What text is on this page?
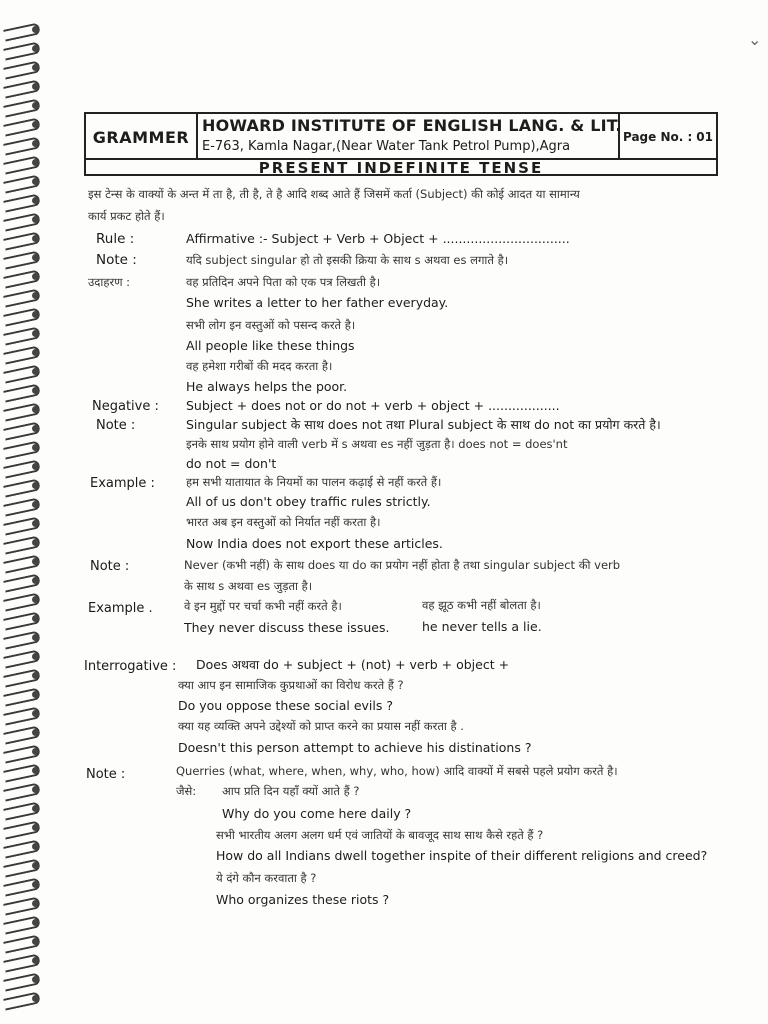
⌄
GRAMMER
HOWARD INSTITUTE OF ENGLISH LANG. & LIT.
E-763, Kamla Nagar,(Near Water Tank Petrol Pump),Agra
Page No. : 01
PRESENT INDEFINITE TENSE
इस टेन्स के वाक्यों के अन्त में ता है, ती है, ते है आदि शब्द आते हैं जिसमें कर्ता (Subject) की कोई आदत या सामान्य
कार्य प्रकट होते हैं।
Rule :	Affirmative :- Subject + Verb + Object + ................................
Note :	यदि subject singular हो तो इसकी क्रिया के साथ s अथवा es लगाते है।
उदाहरण :	वह प्रतिदिन अपने पिता को एक पत्र लिखती है।
She writes a letter to her father everyday.
सभी लोग इन वस्तुओं को पसन्द करते है।
All people like these things
वह हमेशा गरीबों की मदद करता है।
He always helps the poor.
Negative : Subject + does not or do not + verb + object + ..................
Note :	Singular subject के साथ does not तथा Plural subject के साथ do not का प्रयोग करते है।
इनके साथ प्रयोग होने वाली verb में s अथवा es नहीं जुड़ता है। does not = does'nt
do not = don't
Example :	हम सभी यातायात के नियमों का पालन कढ़ाई से नहीं करते हैं।
All of us don't obey traffic rules strictly.
भारत अब इन वस्तुओं को निर्यात नहीं करता है।
Now India does not export these articles.
Note :	Never (कभी नहीं) के साथ does या do का प्रयोग नहीं होता है तथा singular subject की verb
के साथ s अथवा es जुड़ता है।
Example .	वे इन मुद्दों पर चर्चा कभी नहीं करते है।
They never discuss these issues.
वह झूठ कभी नहीं बोलता है।
he never tells a lie.
Interrogative : Does अथवा do + subject + (not) + verb + object +
क्या आप इन सामाजिक कुप्रथाओं का विरोध करते हैं ?
Do you oppose these social evils ?
क्या यह व्यक्ति अपने उद्देश्यों को प्राप्त करने का प्रयास नहीं करता है .
Doesn't this person attempt to achieve his distinations ?
Note :	Querries (what, where, when, why, who, how) आदि वाक्यों में सबसे पहले प्रयोग करते है।
जैसे: आप प्रति दिन यहाँ क्यों आते हैं ?
Why do you come here daily ?
सभी भारतीय अलग अलग धर्म एवं जातियों के बावजूद साथ साथ कैसे रहते हैं ?
How do all Indians dwell together inspite of their different religions and creed?
ये दंगे कौन करवाता है ?
Who organizes these riots ?
